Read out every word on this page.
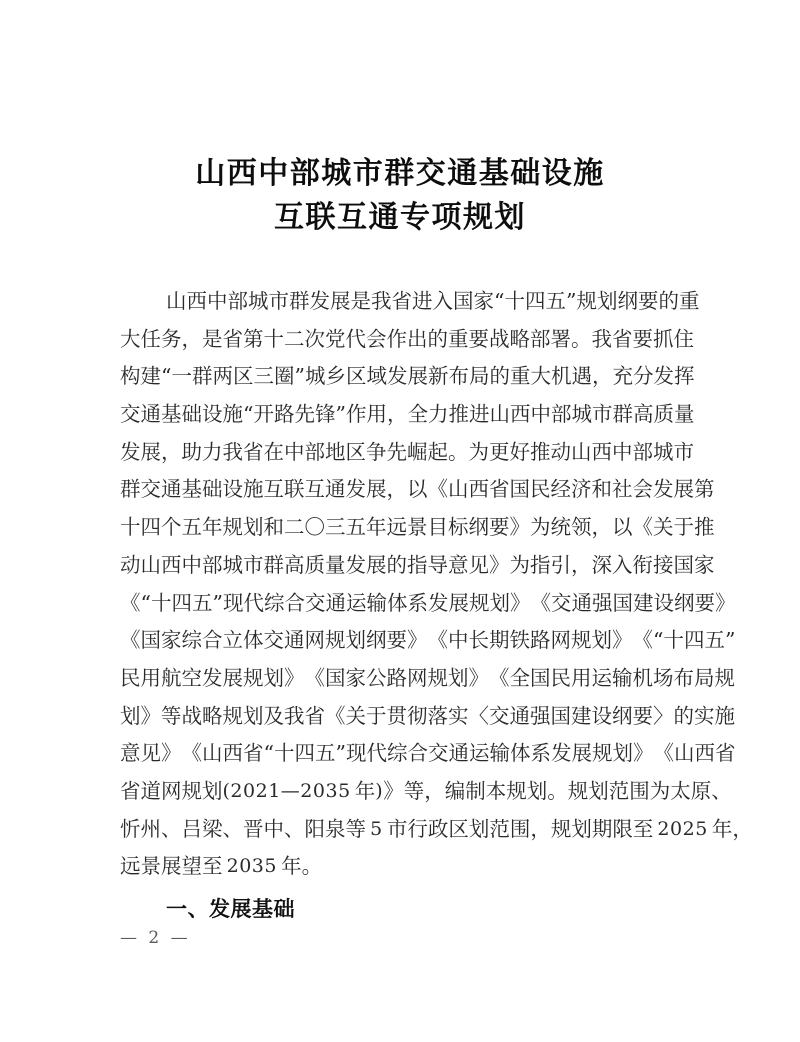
山西中部城市群交通基础设施
互联互通专项规划
山 西 中 部 城 市 群 发 展 是 我 省 进 入 国 家 “ 十 四 五 ” 规 划 纲 要 的 重
大 任 务 ， 是 省 第 十 二 次 党 代 会 作 出 的 重 要 战 略 部 署 。 我 省 要 抓 住
构 建 “ 一 群 两 区 三 圈 ” 城 乡 区 域 发 展 新 布 局 的 重 大 机 遇 ， 充 分 发 挥
交 通 基 础 设 施 “ 开 路 先 锋 ” 作 用 ， 全 力 推 进 山 西 中 部 城 市 群 高 质 量
发 展 ， 助 力 我 省 在 中 部 地 区 争 先 崛 起 。 为 更 好 推 动 山 西 中 部 城 市
群 交 通 基 础 设 施 互 联 互 通 发 展 ， 以 《 山 西 省 国 民 经 济 和 社 会 发 展 第
十 四 个 五 年 规 划 和 二 〇 三 五 年 远 景 目 标 纲 要 》 为 统 领 ， 以 《 关 于 推
动 山 西 中 部 城 市 群 高 质 量 发 展 的 指 导 意 见 》 为 指 引 ， 深 入 衔 接 国 家
《 “ 十 四 五 ” 现 代 综 合 交 通 运 输 体 系 发 展 规 划 》 《 交 通 强 国 建 设 纲 要 》
《 国 家 综 合 立 体 交 通 网 规 划 纲 要 》 《 中 长 期 铁 路 网 规 划 》 《 “ 十 四 五 ”
民 用 航 空 发 展 规 划 》 《 国 家 公 路 网 规 划 》 《 全 国 民 用 运 输 机 场 布 局 规
划 》 等 战 略 规 划 及 我 省 《 关 于 贯 彻 落 实 〈 交 通 强 国 建 设 纲 要 〉 的 实 施
意 见 》 《 山 西 省 “ 十 四 五 ” 现 代 综 合 交 通 运 输 体 系 发 展 规 划 》 《 山 西 省
省 道 网 规 划 ( 2 0 2 1 — 2 0 3 5
  年 ) 》 等 ， 编 制 本 规 划 。 规 划 范 围 为 太 原 、
忻 州 、 吕 梁 、 晋 中 、 阳 泉 等
  5
  市 行 政 区 划 范 围 ， 规 划 期 限 至
  2 0 2 5
  年 ，
远 景 展 望 至
  2 0 3 5
  年 。
一、发展基础
— 2 —
